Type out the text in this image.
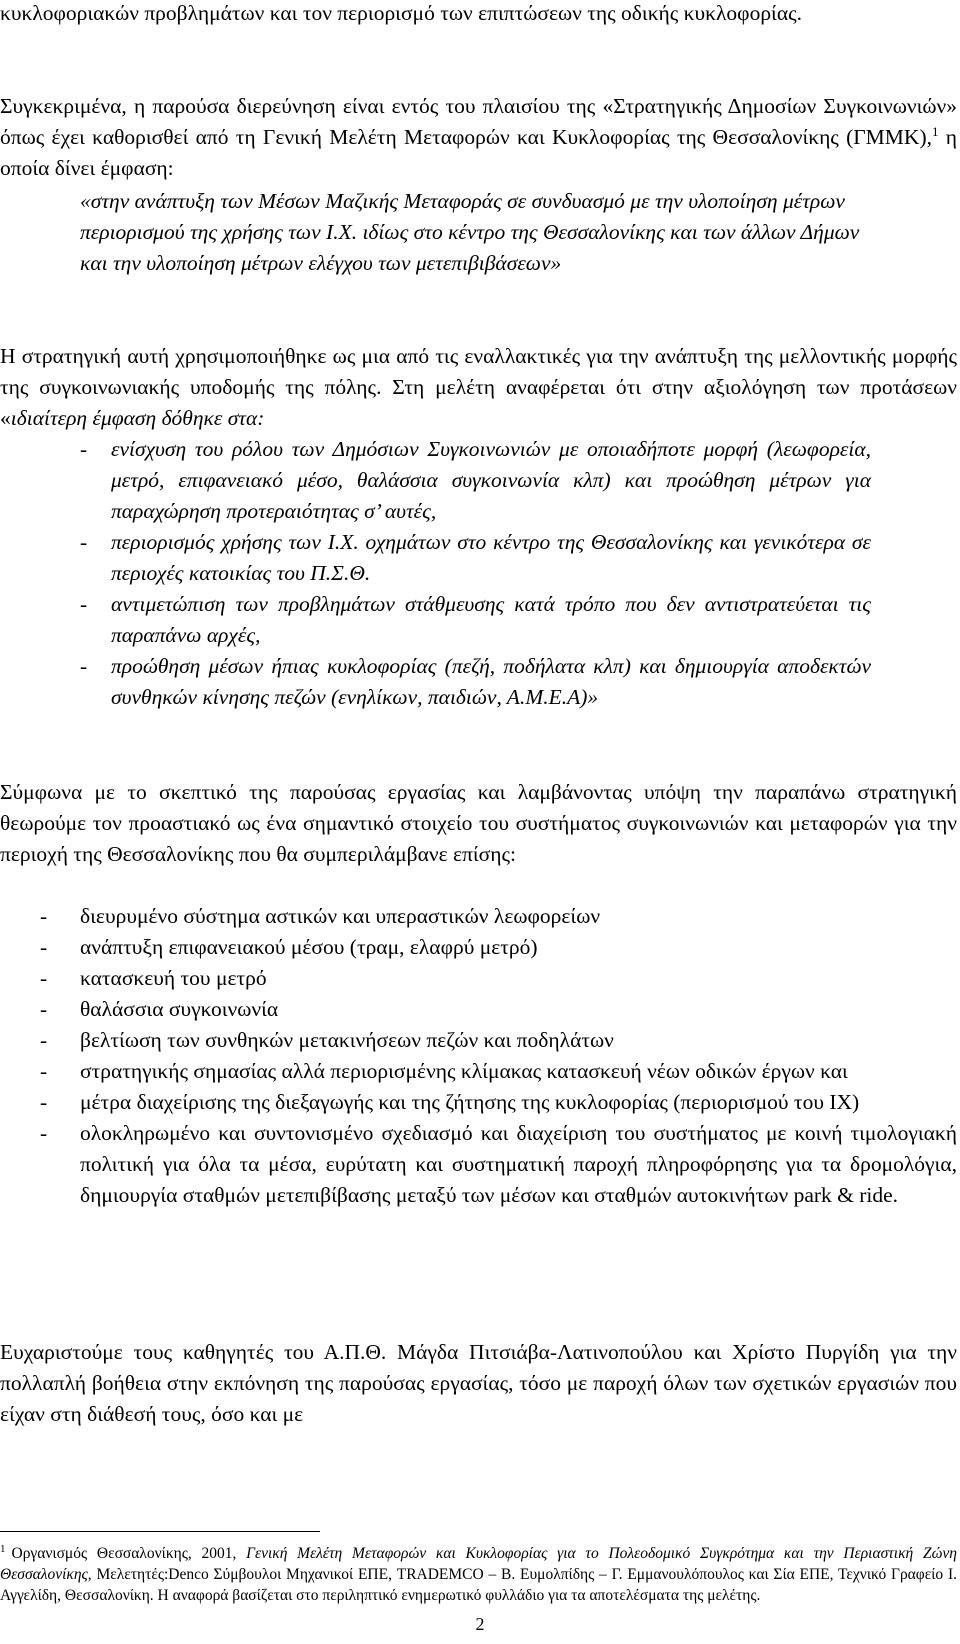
κυκλοφοριακών προβλημάτων και τον περιορισμό των επιπτώσεων της οδικής κυκλοφορίας.

Συγκεκριμένα, η παρούσα διερεύνηση είναι εντός του πλαισίου της «Στρατηγικής Δημοσίων Συγκοινωνιών» όπως έχει καθορισθεί από τη Γενική Μελέτη Μεταφορών και Κυκλοφορίας της Θεσσαλονίκης (ΓΜΜΚ),$^1$ η οποία δίνει έμφαση:

«στην ανάπτυξη των Μέσων Μαζικής Μεταφοράς σε συνδυασμό με την υλοποίηση μέτρων περιορισμού της χρήσης των Ι.Χ. ιδίως στο κέντρο της Θεσσαλονίκης και των άλλων Δήμων και την υλοποίηση μέτρων ελέγχου των μετεπιβιβάσεων»

Η στρατηγική αυτή χρησιμοποιήθηκε ως μια από τις εναλλακτικές για την ανάπτυξη της μελλοντικής μορφής της συγκοινωνιακής υποδομής της πόλης. Στη μελέτη αναφέρεται ότι στην αξιολόγηση των προτάσεων «ιδιαίτερη έμφαση δόθηκε στα:

- ενίσχυση του ρόλου των Δημόσιων Συγκοινωνιών με οποιαδήποτε μορφή (λεωφορεία, μετρό, επιφανειακό μέσο, θαλάσσια συγκοινωνία κλπ) και προώθηση μέτρων για παραχώρηση προτεραιότητας σ’ αυτές,
- περιορισμός χρήσης των Ι.Χ. οχημάτων στο κέντρο της Θεσσαλονίκης και γενικότερα σε περιοχές κατοικίας του Π.Σ.Θ.
- αντιμετώπιση των προβλημάτων στάθμευσης κατά τρόπο που δεν αντιστρατεύεται τις παραπάνω αρχές,
- προώθηση μέσων ήπιας κυκλοφορίας (πεζή, ποδήλατα κλπ) και δημιουργία αποδεκτών συνθηκών κίνησης πεζών (ενηλίκων, παιδιών, Α.Μ.Ε.Α)»

Σύμφωνα με το σκεπτικό της παρούσας εργασίας και λαμβάνοντας υπόψη την παραπάνω στρατηγική θεωρούμε τον προαστιακό ως ένα σημαντικό στοιχείο του συστήματος συγκοινωνιών και μεταφορών για την περιοχή της Θεσσαλονίκης που θα συμπεριλάμβανε επίσης:

- διευρυμένο σύστημα αστικών και υπεραστικών λεωφορείων
- ανάπτυξη επιφανειακού μέσου (τραμ, ελαφρύ μετρό)
- κατασκευή του μετρό
- θαλάσσια συγκοινωνία
- βελτίωση των συνθηκών μετακινήσεων πεζών και ποδηλάτων
- στρατηγικής σημασίας αλλά περιορισμένης κλίμακας κατασκευή νέων οδικών έργων και
- μέτρα διαχείρισης της διεξαγωγής και της ζήτησης της κυκλοφορίας (περιορισμού του ΙΧ)
- ολοκληρωμένο και συντονισμένο σχεδιασμό και διαχείριση του συστήματος με κοινή τιμολογιακή πολιτική για όλα τα μέσα, ευρύτατη και συστηματική παροχή πληροφόρησης για τα δρομολόγια, δημιουργία σταθμών μετεπιβίβασης μεταξύ των μέσων και σταθμών αυτοκινήτων park & ride.

Ευχαριστούμε τους καθηγητές του Α.Π.Θ. Μάγδα Πιτσιάβα-Λατινοπούλου και Χρίστο Πυργίδη για την πολλαπλή βοήθεια στην εκπόνηση της παρούσας εργασίας, τόσο με παροχή όλων των σχετικών εργασιών που είχαν στη διάθεσή τους, όσο και με

$^1$ Οργανισμός Θεσσαλονίκης, 2001, Γενική Μελέτη Μεταφορών και Κυκλοφορίας για το Πολεοδομικό Συγκρότημα και την Περιαστική Ζώνη Θεσσαλονίκης, Μελετητές:Denco Σύμβουλοι Μηχανικοί ΕΠΕ, TRADEMCO – Β. Ευμολπίδης – Γ. Εμμανουλόπουλος και Σία ΕΠΕ, Τεχνικό Γραφείο Ι. Αγγελίδη, Θεσσαλονίκη. Η αναφορά βασίζεται στο περιληπτικό ενημερωτικό φυλλάδιο για τα αποτελέσματα της μελέτης.

2
